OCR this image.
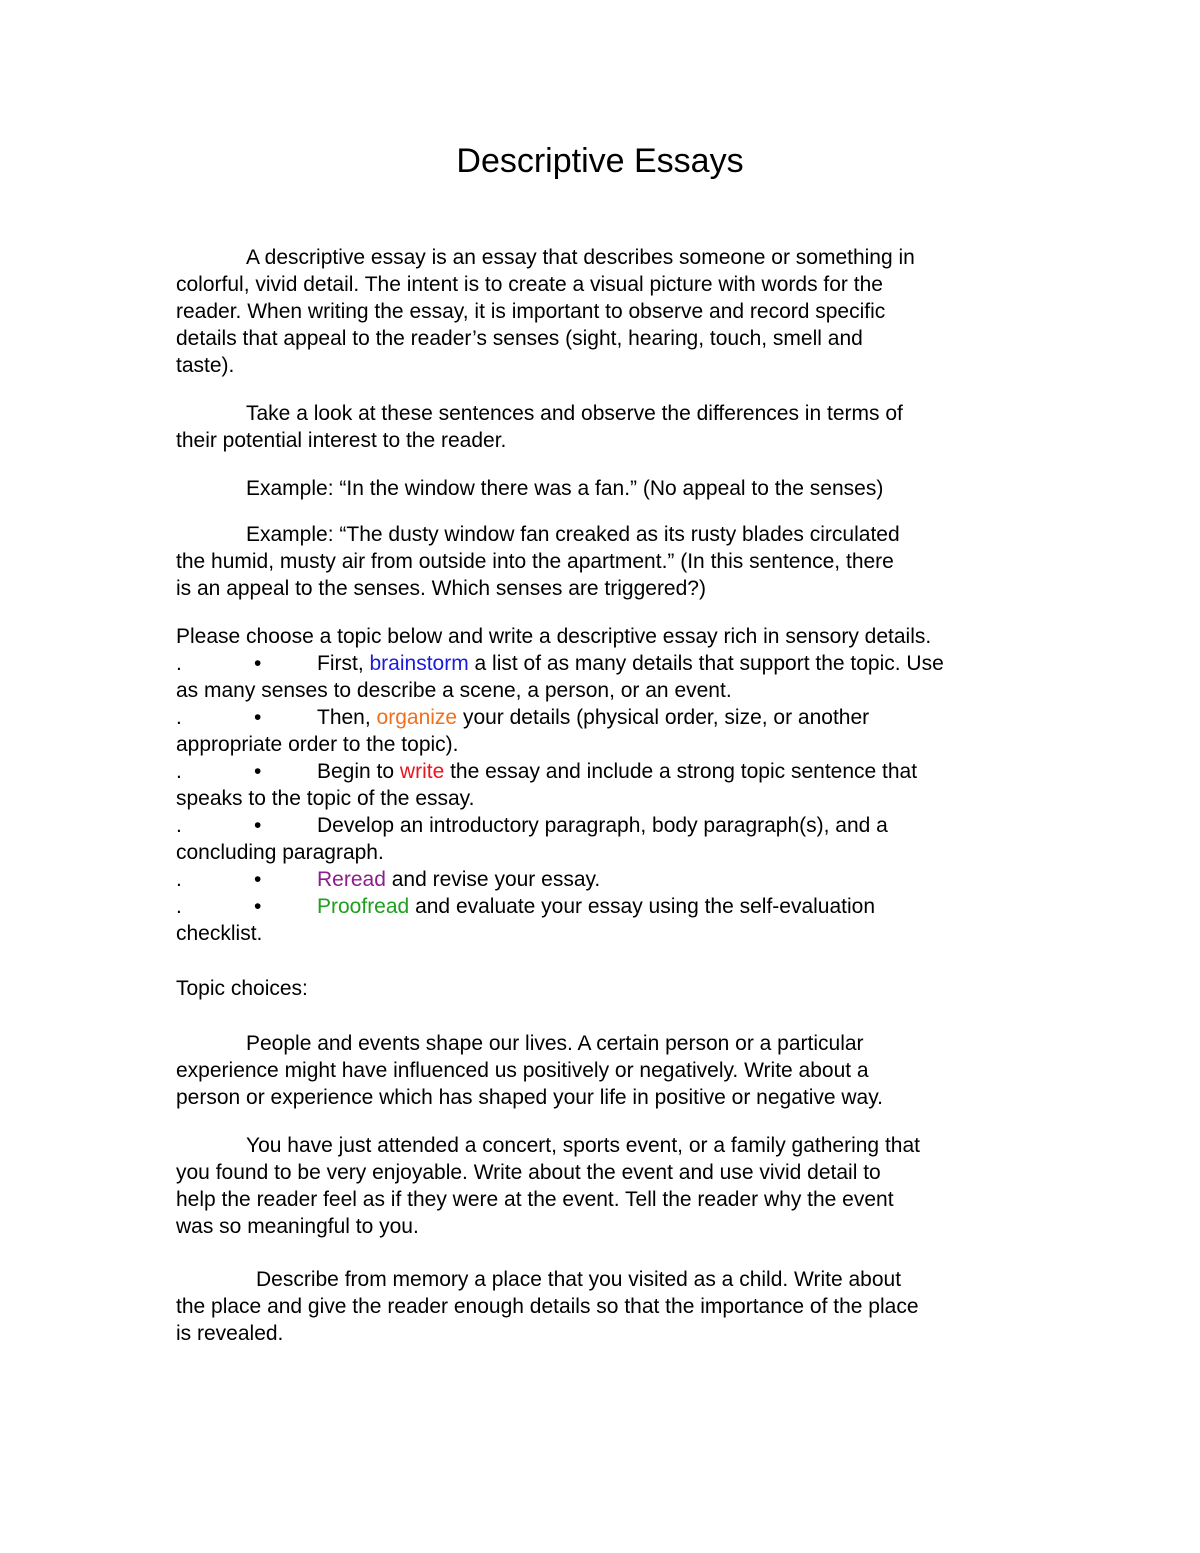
Descriptive Essays
A descriptive essay is an essay that describes someone or something in
colorful, vivid detail. The intent is to create a visual picture with words for the
reader. When writing the essay, it is important to observe and record specific
details that appeal to the reader’s senses (sight, hearing, touch, smell and
taste).
Take a look at these sentences and observe the differences in terms of
their potential interest to the reader.
Example: “In the window there was a fan.” (No appeal to the senses)
Example: “The dusty window fan creaked as its rusty blades circulated
the humid, musty air from outside into the apartment.” (In this sentence, there
is an appeal to the senses. Which senses are triggered?)
Please choose a topic below and write a descriptive essay rich in sensory details.
.	•	First, brainstorm a list of as many details that support the topic. Use
as many senses to describe a scene, a person, or an event.
.	•	Then, organize your details (physical order, size, or another
appropriate order to the topic).
.	•	Begin to write the essay and include a strong topic sentence that
speaks to the topic of the essay.
.	•	Develop an introductory paragraph, body paragraph(s), and a
concluding paragraph.
.	•	Reread and revise your essay.
.	•	Proofread and evaluate your essay using the self-evaluation
checklist.
Topic choices:
People and events shape our lives. A certain person or a particular
experience might have influenced us positively or negatively. Write about a
person or experience which has shaped your life in positive or negative way.
You have just attended a concert, sports event, or a family gathering that
you found to be very enjoyable. Write about the event and use vivid detail to
help the reader feel as if they were at the event. Tell the reader why the event
was so meaningful to you.
Describe from memory a place that you visited as a child. Write about
the place and give the reader enough details so that the importance of the place
is revealed.
